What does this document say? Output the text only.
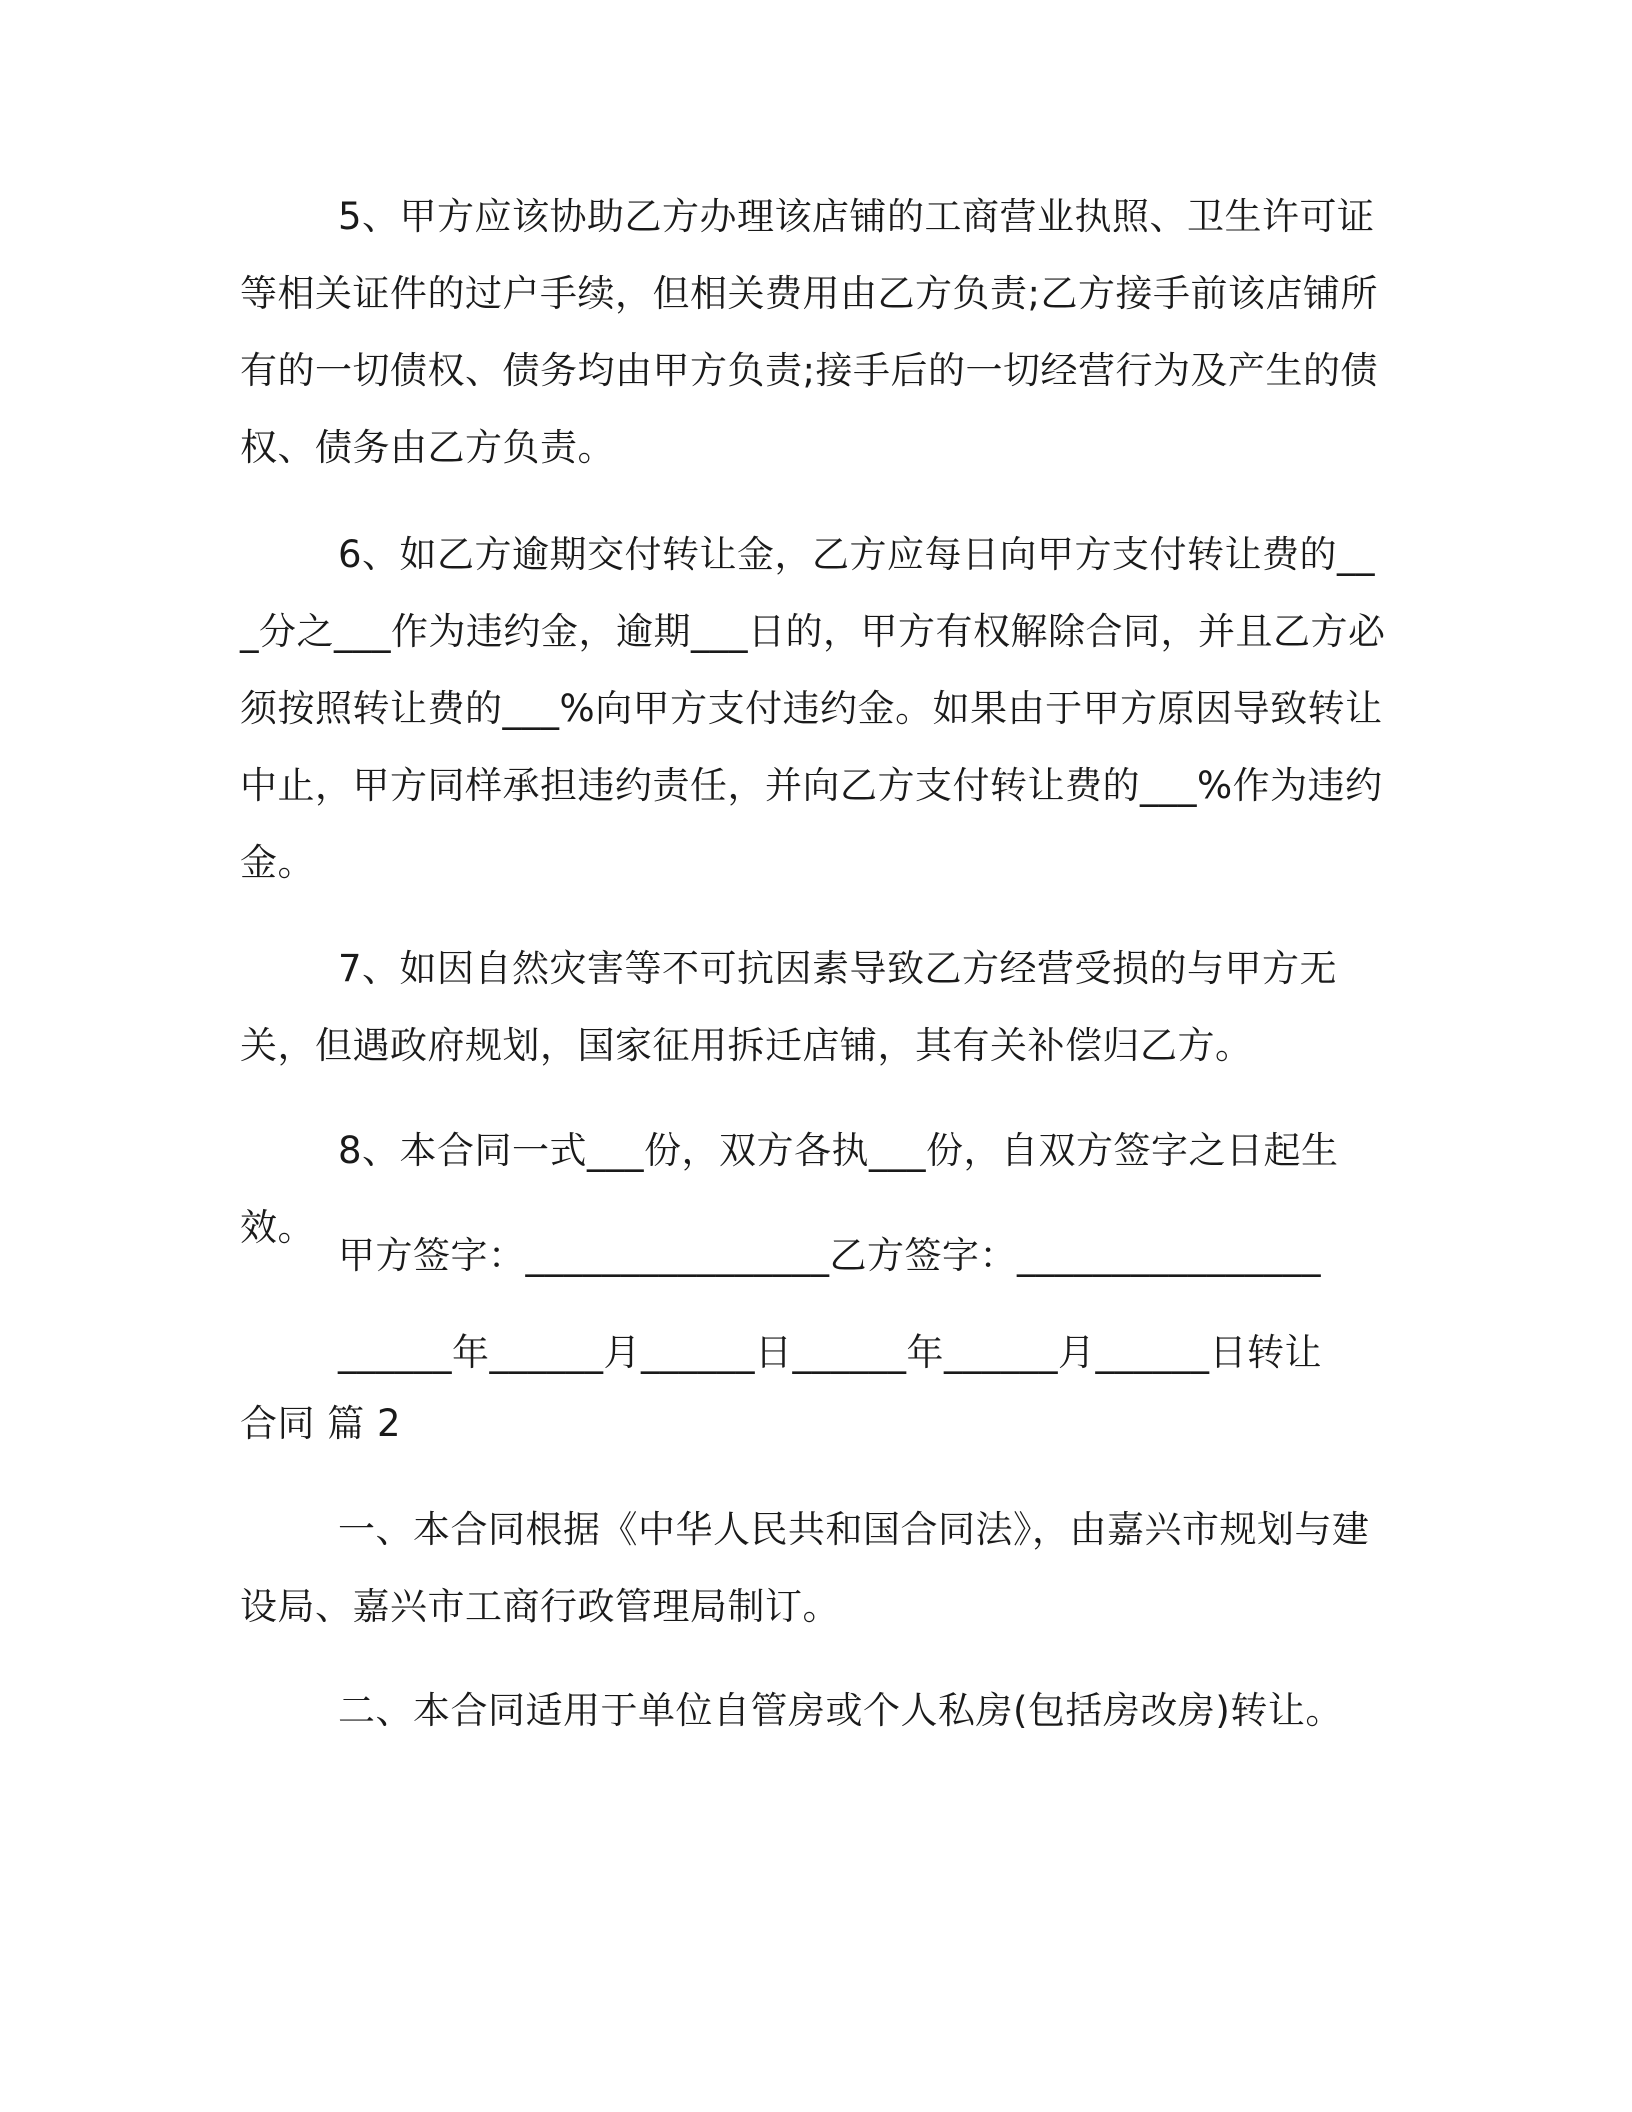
5、甲方应该协助乙方办理该店铺的工商营业执照、卫生许可证等相关证件的过户手续，但相关费用由乙方负责;乙方接手前该店铺所有的一切债权、债务均由甲方负责;接手后的一切经营行为及产生的债权、债务由乙方负责。

6、如乙方逾期交付转让金，乙方应每日向甲方支付转让费的___分之___作为违约金，逾期___日的，甲方有权解除合同，并且乙方必须按照转让费的___%向甲方支付违约金。如果由于甲方原因导致转让中止，甲方同样承担违约责任，并向乙方支付转让费的___%作为违约金。

7、如因自然灾害等不可抗因素导致乙方经营受损的与甲方无关，但遇政府规划，国家征用拆迁店铺，其有关补偿归乙方。

8、本合同一式___份，双方各执___份，自双方签字之日起生效。

甲方签字：________________乙方签字：________________
______年______月______日______年______月______日转让
合同 篇 2

一、本合同根据《中华人民共和国合同法》，由嘉兴市规划与建设局、嘉兴市工商行政管理局制订。

二、本合同适用于单位自管房或个人私房(包括房改房)转让。
